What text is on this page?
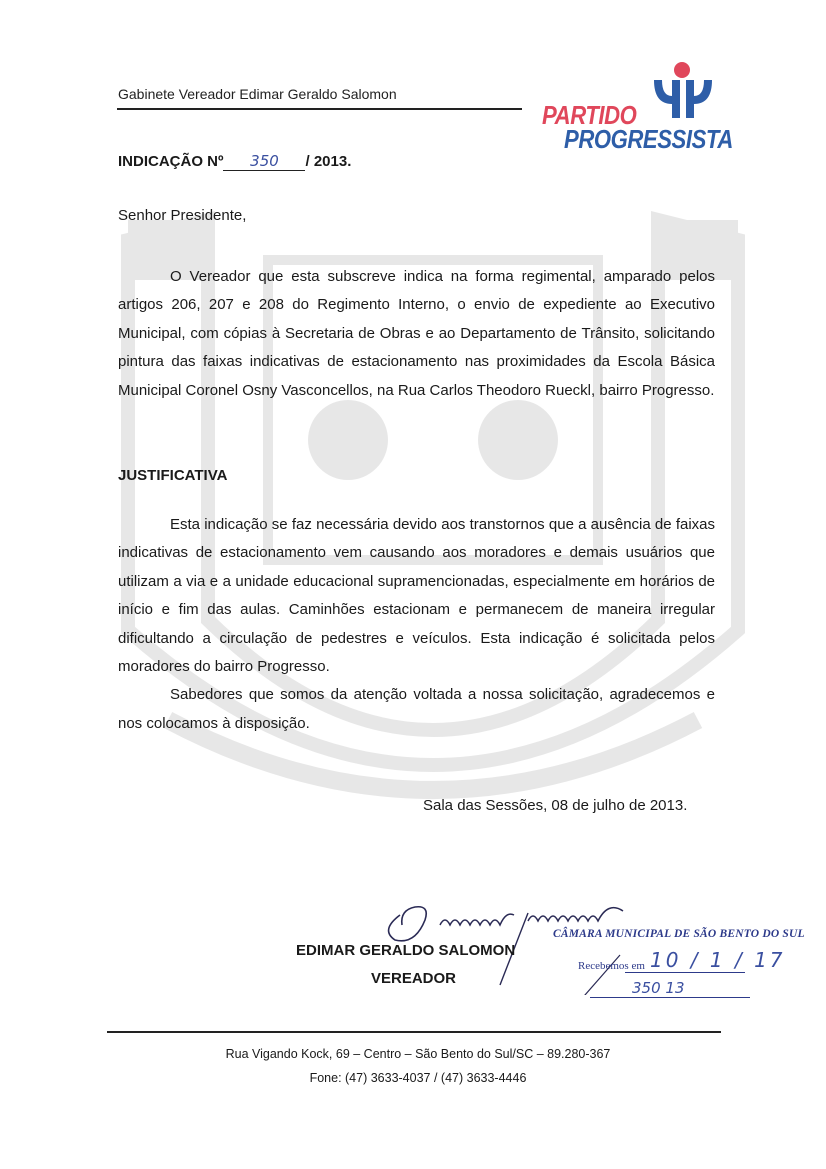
Gabinete Vereador Edimar Geraldo Salomon
PARTIDO
PROGRESSISTA
INDICAÇÃO Nº 350 / 2013.
Senhor Presidente,

O Vereador que esta subscreve indica na forma regimental, amparado pelos artigos 206, 207 e 208 do Regimento Interno, o envio de expediente ao Executivo Municipal, com cópias à Secretaria de Obras e ao Departamento de Trânsito, solicitando pintura das faixas indicativas de estacionamento nas proximidades da Escola Básica Municipal Coronel Osny Vasconcellos, na Rua Carlos Theodoro Rueckl, bairro Progresso.

JUSTIFICATIVA

Esta indicação se faz necessária devido aos transtornos que a ausência de faixas indicativas de estacionamento vem causando aos moradores e demais usuários que utilizam a via e a unidade educacional supramencionadas, especialmente em horários de início e fim das aulas. Caminhões estacionam e permanecem de maneira irregular dificultando a circulação de pedestres e veículos. Esta indicação é solicitada pelos moradores do bairro Progresso.

Sabedores que somos da atenção voltada a nossa solicitação, agradecemos e nos colocamos à disposição.

Sala das Sessões, 08 de julho de 2013.
EDIMAR GERALDO SALOMON
VEREADOR
CÂMARA MUNICIPAL DE SÃO BENTO DO SUL
Recebemos em 10 / 1 / 17
350 13
Rua Vigando Kock, 69 – Centro – São Bento do Sul/SC – 89.280-367
Fone: (47) 3633-4037 / (47) 3633-4446
